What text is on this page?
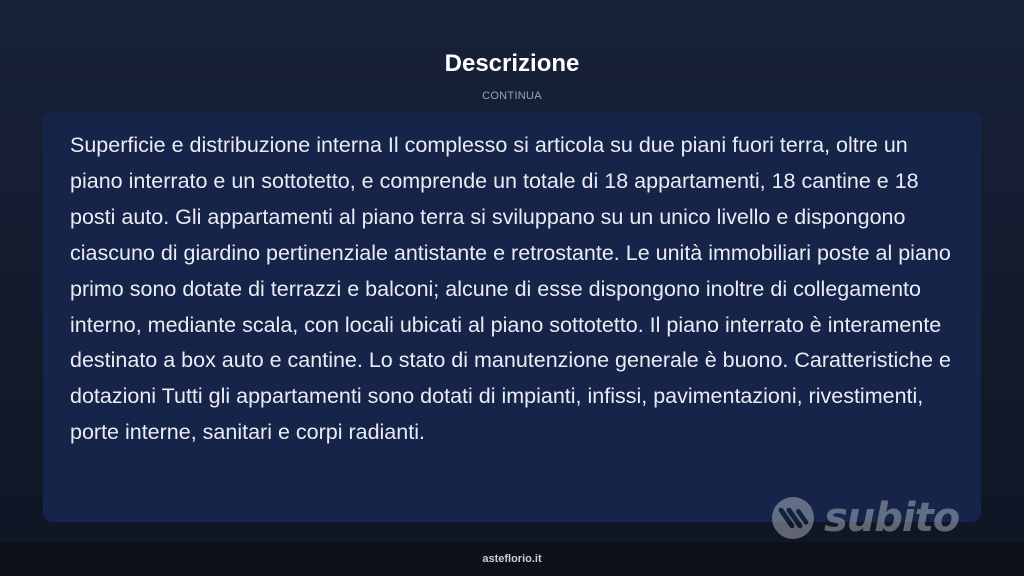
Descrizione
CONTINUA

Superficie e distribuzione interna Il complesso si articola su due piani fuori terra, oltre un piano interrato e un sottotetto, e comprende un totale di 18 appartamenti, 18 cantine e 18 posti auto. Gli appartamenti al piano terra si sviluppano su un unico livello e dispongono ciascuno di giardino pertinenziale antistante e retrostante. Le unità immobiliari poste al piano primo sono dotate di terrazzi e balconi; alcune di esse dispongono inoltre di collegamento interno, mediante scala, con locali ubicati al piano sottotetto. Il piano interrato è interamente destinato a box auto e cantine. Lo stato di manutenzione generale è buono. Caratteristiche e dotazioni Tutti gli appartamenti sono dotati di impianti, infissi, pavimentazioni, rivestimenti, porte interne, sanitari e corpi radianti.

subito
asteflorio.it
